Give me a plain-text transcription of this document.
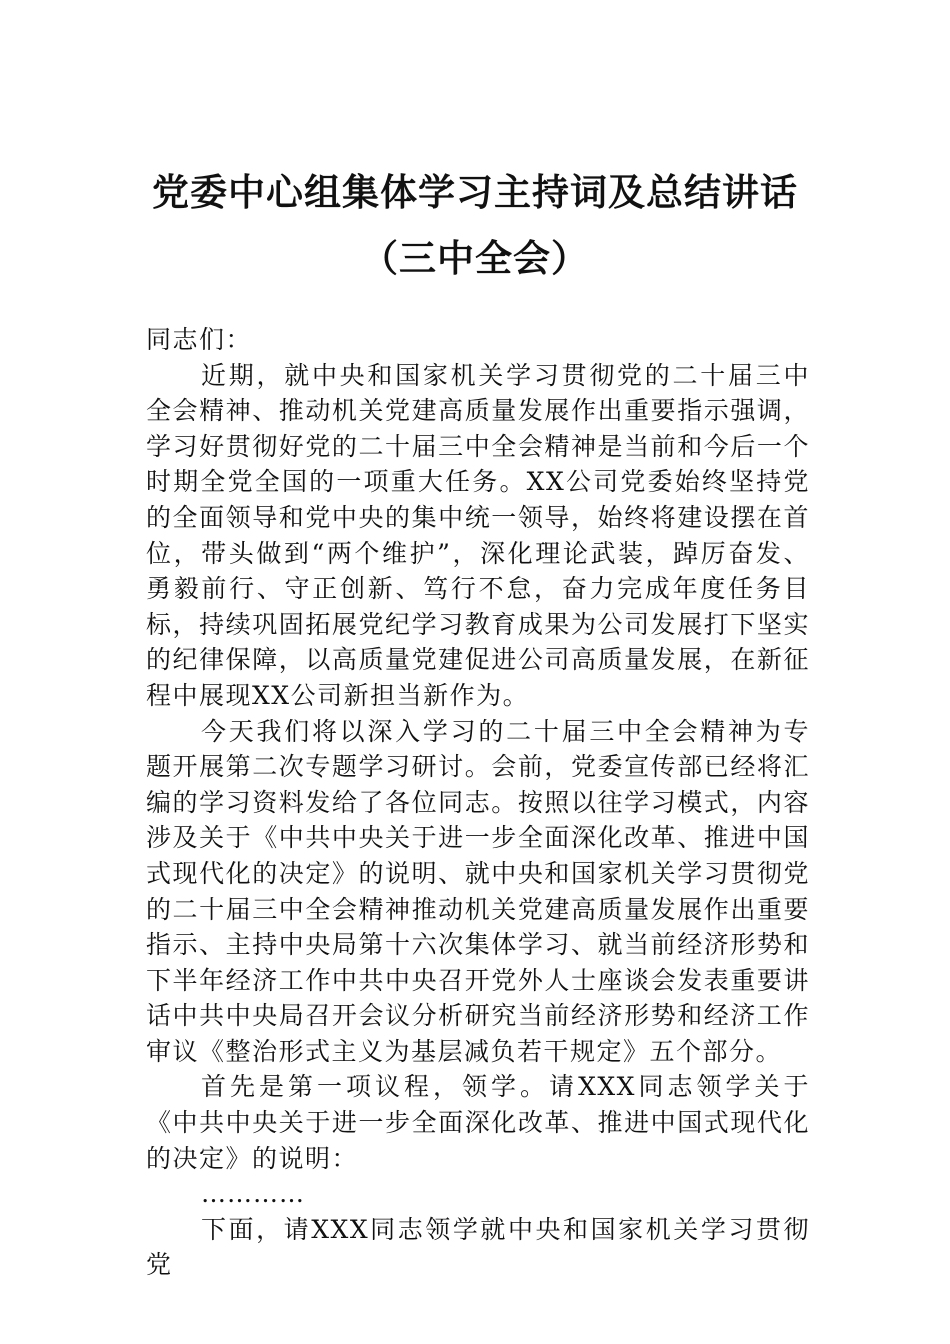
党委中心组集体学习主持词及总结讲话
（三中全会）

同志们：

近期，就中央和国家机关学习贯彻党的二十届三中全会精神、推动机关党建高质量发展作出重要指示强调，学习好贯彻好党的二十届三中全会精神是当前和今后一个时期全党全国的一项重大任务。XX公司党委始终坚持党的全面领导和党中央的集中统一领导，始终将建设摆在首位，带头做到“两个维护”，深化理论武装，踔厉奋发、勇毅前行、守正创新、笃行不怠，奋力完成年度任务目标，持续巩固拓展党纪学习教育成果为公司发展打下坚实的纪律保障，以高质量党建促进公司高质量发展，在新征程中展现XX公司新担当新作为。

今天我们将以深入学习的二十届三中全会精神为专题开展第二次专题学习研讨。会前，党委宣传部已经将汇编的学习资料发给了各位同志。按照以往学习模式，内容涉及关于《中共中央关于进一步全面深化改革、推进中国式现代化的决定》的说明、就中央和国家机关学习贯彻党的二十届三中全会精神推动机关党建高质量发展作出重要指示、主持中央局第十六次集体学习、就当前经济形势和下半年经济工作中共中央召开党外人士座谈会发表重要讲话中共中央局召开会议分析研究当前经济形势和经济工作审议《整治形式主义为基层减负若干规定》五个部分。

首先是第一项议程，领学。请XXX同志领学关于《中共中央关于进一步全面深化改革、推进中国式现代化的决定》的说明：

…………

下面，请XXX同志领学就中央和国家机关学习贯彻党
